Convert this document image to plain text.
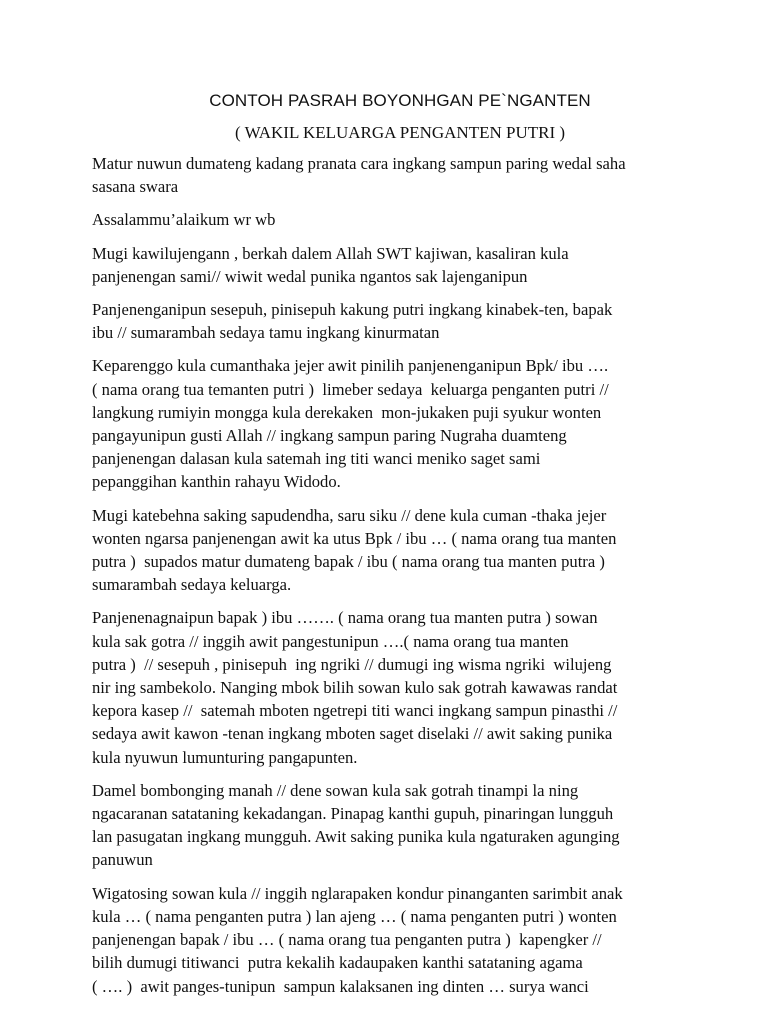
CONTOH PASRAH BOYONHGAN PE`NGANTEN
( WAKIL KELUARGA PENGANTEN PUTRI )
Matur nuwun dumateng kadang pranata cara ingkang sampun paring wedal saha
sasana swara
Assalammu’alaikum wr wb
Mugi kawilujengann , berkah dalem Allah SWT kajiwan, kasaliran kula
panjenengan sami// wiwit wedal punika ngantos sak lajenganipun
Panjenenganipun sesepuh, pinisepuh kakung putri ingkang kinabek-ten, bapak
ibu // sumarambah sedaya tamu ingkang kinurmatan
Keparenggo kula cumanthaka jejer awit pinilih panjenenganipun Bpk/ ibu ….
( nama orang tua temanten putri )  limeber sedaya  keluarga penganten putri //
langkung rumiyin mongga kula derekaken  mon-jukaken puji syukur wonten
pangayunipun gusti Allah // ingkang sampun paring Nugraha duamteng
panjenengan dalasan kula satemah ing titi wanci meniko saget sami
pepanggihan kanthin rahayu Widodo.
Mugi katebehna saking sapudendha, saru siku // dene kula cuman -thaka jejer
wonten ngarsa panjenengan awit ka utus Bpk / ibu … ( nama orang tua manten
putra )  supados matur dumateng bapak / ibu ( nama orang tua manten putra )
sumarambah sedaya keluarga.
Panjenenagnaipun bapak ) ibu ……. ( nama orang tua manten putra ) sowan
kula sak gotra // inggih awit pangestunipun ….( nama orang tua manten
putra )  // sesepuh , pinisepuh  ing ngriki // dumugi ing wisma ngriki  wilujeng
nir ing sambekolo. Nanging mbok bilih sowan kulo sak gotrah kawawas randat
kepora kasep //  satemah mboten ngetrepi titi wanci ingkang sampun pinasthi //
sedaya awit kawon -tenan ingkang mboten saget diselaki // awit saking punika
kula nyuwun lumunturing pangapunten.
Damel bombonging manah // dene sowan kula sak gotrah tinampi la ning
ngacaranan satataning kekadangan. Pinapag kanthi gupuh, pinaringan lungguh
lan pasugatan ingkang mungguh. Awit saking punika kula ngaturaken agunging
panuwun
Wigatosing sowan kula // inggih nglarapaken kondur pinanganten sarimbit anak
kula … ( nama penganten putra ) lan ajeng … ( nama penganten putri ) wonten
panjenengan bapak / ibu … ( nama orang tua penganten putra )  kapengker //
bilih dumugi titiwanci  putra kekalih kadaupaken kanthi satataning agama
( …. )  awit panges-tunipun  sampun kalaksanen ing dinten … surya wanci
